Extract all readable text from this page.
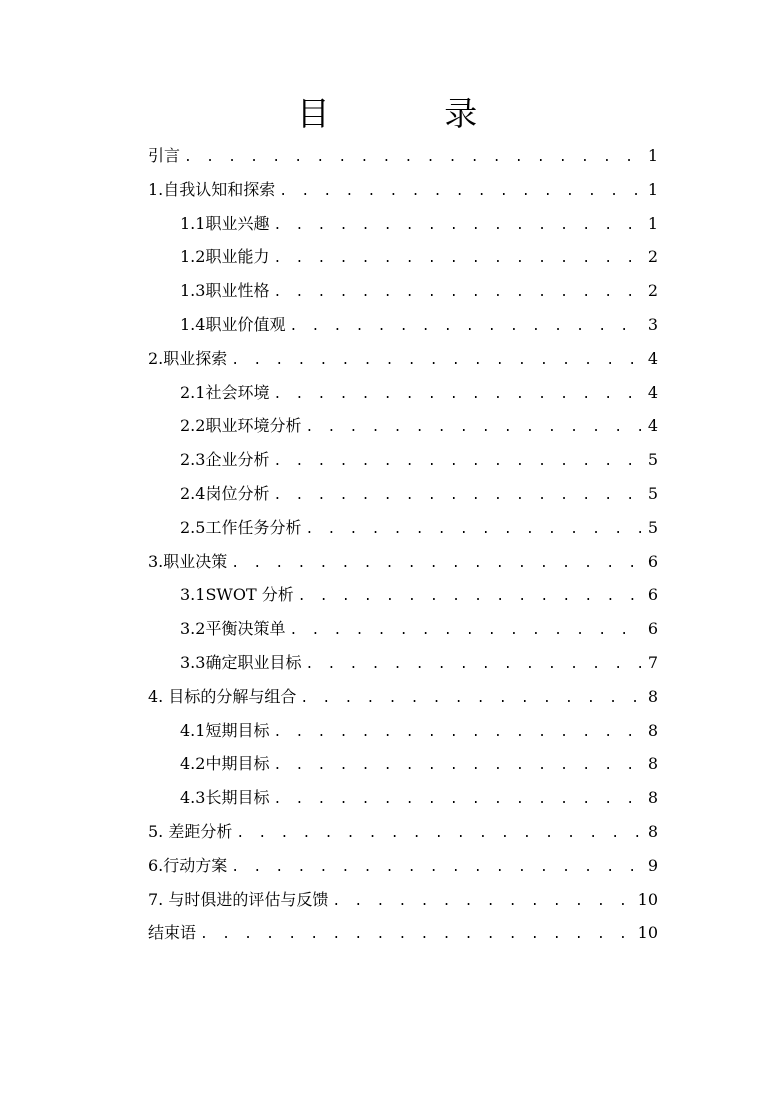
目 录
引言 . . .	1
1.自我认知和探索 . . .	1
1.1职业兴趣 . . .	1
1.2职业能力 . . .	2
1.3职业性格 . . .	2
1.4职业价值观 . . .	3
2.职业探索 . . .	4
2.1社会环境 . . .	4
2.2职业环境分析 . . .	4
2.3企业分析 . . .	5
2.4岗位分析 . . .	5
2.5工作任务分析 . . .	5
3.职业决策 . . .	6
3.1SWOT 分析 . . .	6
3.2平衡决策单 . . .	6
3.3确定职业目标 . . .	7
4. 目标的分解与组合 . . .	8
4.1短期目标 . . .	8
4.2中期目标 . . .	8
4.3长期目标 . . .	8
5. 差距分析 . . .	8
6.行动方案 . . .	9
7. 与时俱进的评估与反馈 . . .	10
结束语 . . .	10
